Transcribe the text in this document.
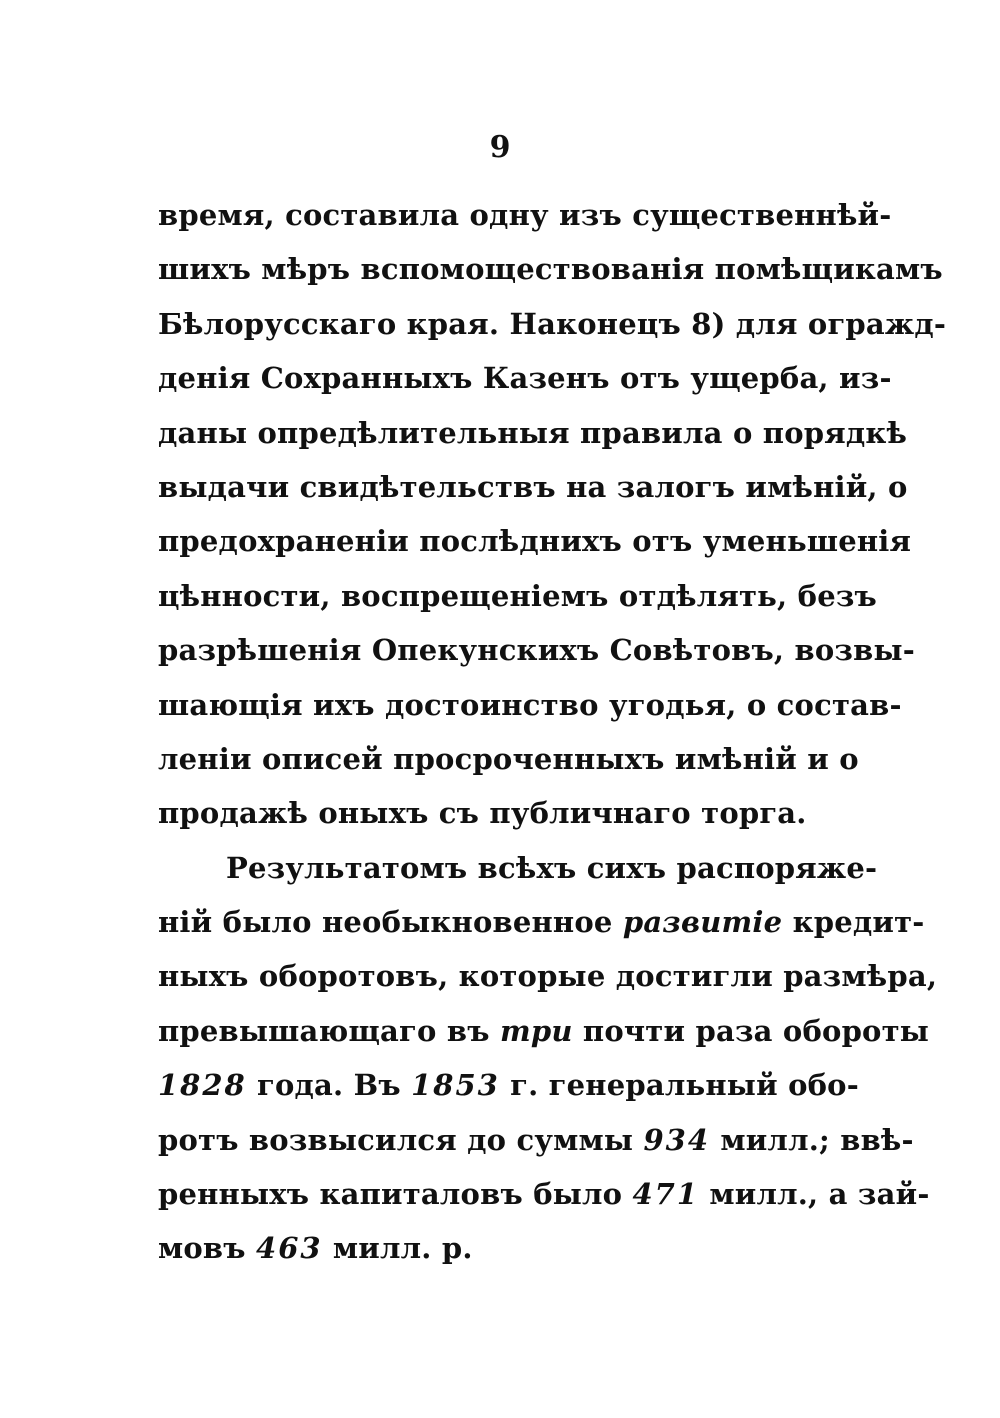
9
время, составила одну изъ существеннѣй-
шихъ мѣръ вспомоществованія помѣщикамъ
Бѣлорусскаго края. Наконецъ 8) для огражд-
денія Сохранныхъ Казенъ отъ ущерба, из-
даны опредѣлительныя правила о порядкѣ
выдачи свидѣтельствъ на залогъ имѣній, о
предохраненіи послѣднихъ отъ уменьшенія
цѣнности, воспрещеніемъ отдѣлять, безъ
разрѣшенія Опекунскихъ Совѣтовъ, возвы-
шающія ихъ достоинство угодья, о состав-
леніи описей просроченныхъ имѣній и о
продажѣ оныхъ съ публичнаго торга.
Результатомъ всѣхъ сихъ распоряже-
ній было необыкновенное развитіе кредит-
ныхъ оборотовъ, которые достигли размѣра,
превышающаго въ три почти раза обороты
1828 года. Въ 1853 г. генеральный обо-
ротъ возвысился до суммы 934 милл.; ввѣ-
ренныхъ капиталовъ было 471 милл., а зай-
мовъ 463 милл. р.
